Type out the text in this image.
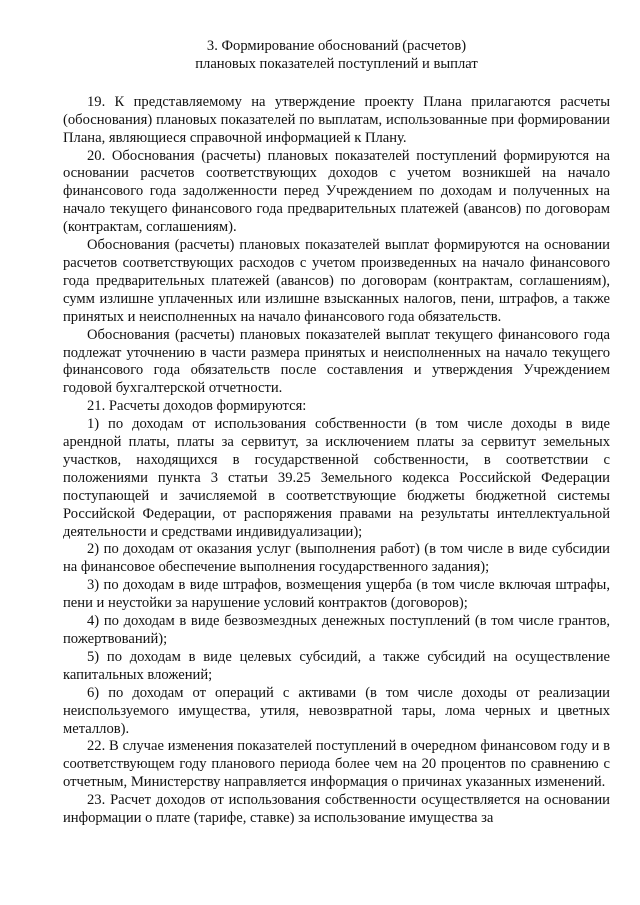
3. Формирование обоснований (расчетов)
плановых показателей поступлений и выплат

19. К представляемому на утверждение проекту Плана прилагаются расчеты (обоснования) плановых показателей по выплатам, использованные при формировании Плана, являющиеся справочной информацией к Плану.

20. Обоснования (расчеты) плановых показателей поступлений формируются на основании расчетов соответствующих доходов с учетом возникшей на начало финансового года задолженности перед Учреждением по доходам и полученных на начало текущего финансового года предварительных платежей (авансов) по договорам (контрактам, соглашениям).

Обоснования (расчеты) плановых показателей выплат формируются на основании расчетов соответствующих расходов с учетом произведенных на начало финансового года предварительных платежей (авансов) по договорам (контрактам, соглашениям), сумм излишне уплаченных или излишне взысканных налогов, пени, штрафов, а также принятых и неисполненных на начало финансового года обязательств.

Обоснования (расчеты) плановых показателей выплат текущего финансового года подлежат уточнению в части размера принятых и неисполненных на начало текущего финансового года обязательств после составления и утверждения Учреждением годовой бухгалтерской отчетности.

21. Расчеты доходов формируются:

1) по доходам от использования собственности (в том числе доходы в виде арендной платы, платы за сервитут, за исключением платы за сервитут земельных участков, находящихся в государственной собственности, в соответствии с положениями пункта 3 статьи 39.25 Земельного кодекса Российской Федерации поступающей и зачисляемой в соответствующие бюджеты бюджетной системы Российской Федерации, от распоряжения правами на результаты интеллектуальной деятельности и средствами индивидуализации);

2) по доходам от оказания услуг (выполнения работ) (в том числе в виде субсидии на финансовое обеспечение выполнения государственного задания);

3) по доходам в виде штрафов, возмещения ущерба (в том числе включая штрафы, пени и неустойки за нарушение условий контрактов (договоров);

4) по доходам в виде безвозмездных денежных поступлений (в том числе грантов, пожертвований);

5) по доходам в виде целевых субсидий, а также субсидий на осуществление капитальных вложений;

6) по доходам от операций с активами (в том числе доходы от реализации неиспользуемого имущества, утиля, невозвратной тары, лома черных и цветных металлов).

22. В случае изменения показателей поступлений в очередном финансовом году и в соответствующем году планового периода более чем на 20 процентов по сравнению с отчетным, Министерству направляется информация о причинах указанных изменений.

23. Расчет доходов от использования собственности осуществляется на основании информации о плате (тарифе, ставке) за использование имущества за
